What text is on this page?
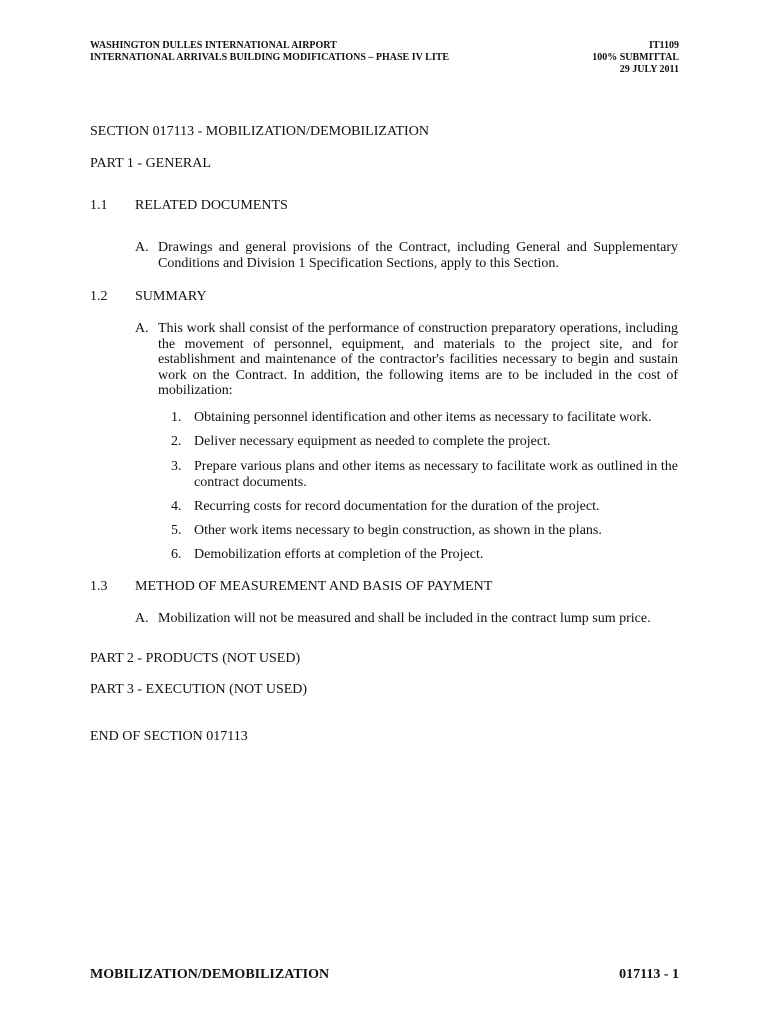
WASHINGTON DULLES INTERNATIONAL AIRPORT
INTERNATIONAL ARRIVALS BUILDING MODIFICATIONS – PHASE IV LITE
IT1109
100% SUBMITTAL
29 JULY 2011
SECTION 017113 - MOBILIZATION/DEMOBILIZATION
PART 1 - GENERAL
1.1 RELATED DOCUMENTS
A. Drawings and general provisions of the Contract, including General and Supplementary Conditions and Division 1 Specification Sections, apply to this Section.
1.2 SUMMARY
A. This work shall consist of the performance of construction preparatory operations, including the movement of personnel, equipment, and materials to the project site, and for establishment and maintenance of the contractor's facilities necessary to begin and sustain work on the Contract. In addition, the following items are to be included in the cost of mobilization:
1. Obtaining personnel identification and other items as necessary to facilitate work.
2. Deliver necessary equipment as needed to complete the project.
3. Prepare various plans and other items as necessary to facilitate work as outlined in the contract documents.
4. Recurring costs for record documentation for the duration of the project.
5. Other work items necessary to begin construction, as shown in the plans.
6. Demobilization efforts at completion of the Project.
1.3 METHOD OF MEASUREMENT AND BASIS OF PAYMENT
A. Mobilization will not be measured and shall be included in the contract lump sum price.
PART 2 - PRODUCTS (NOT USED)
PART 3 - EXECUTION (NOT USED)
END OF SECTION 017113
MOBILIZATION/DEMOBILIZATION	017113 - 1
